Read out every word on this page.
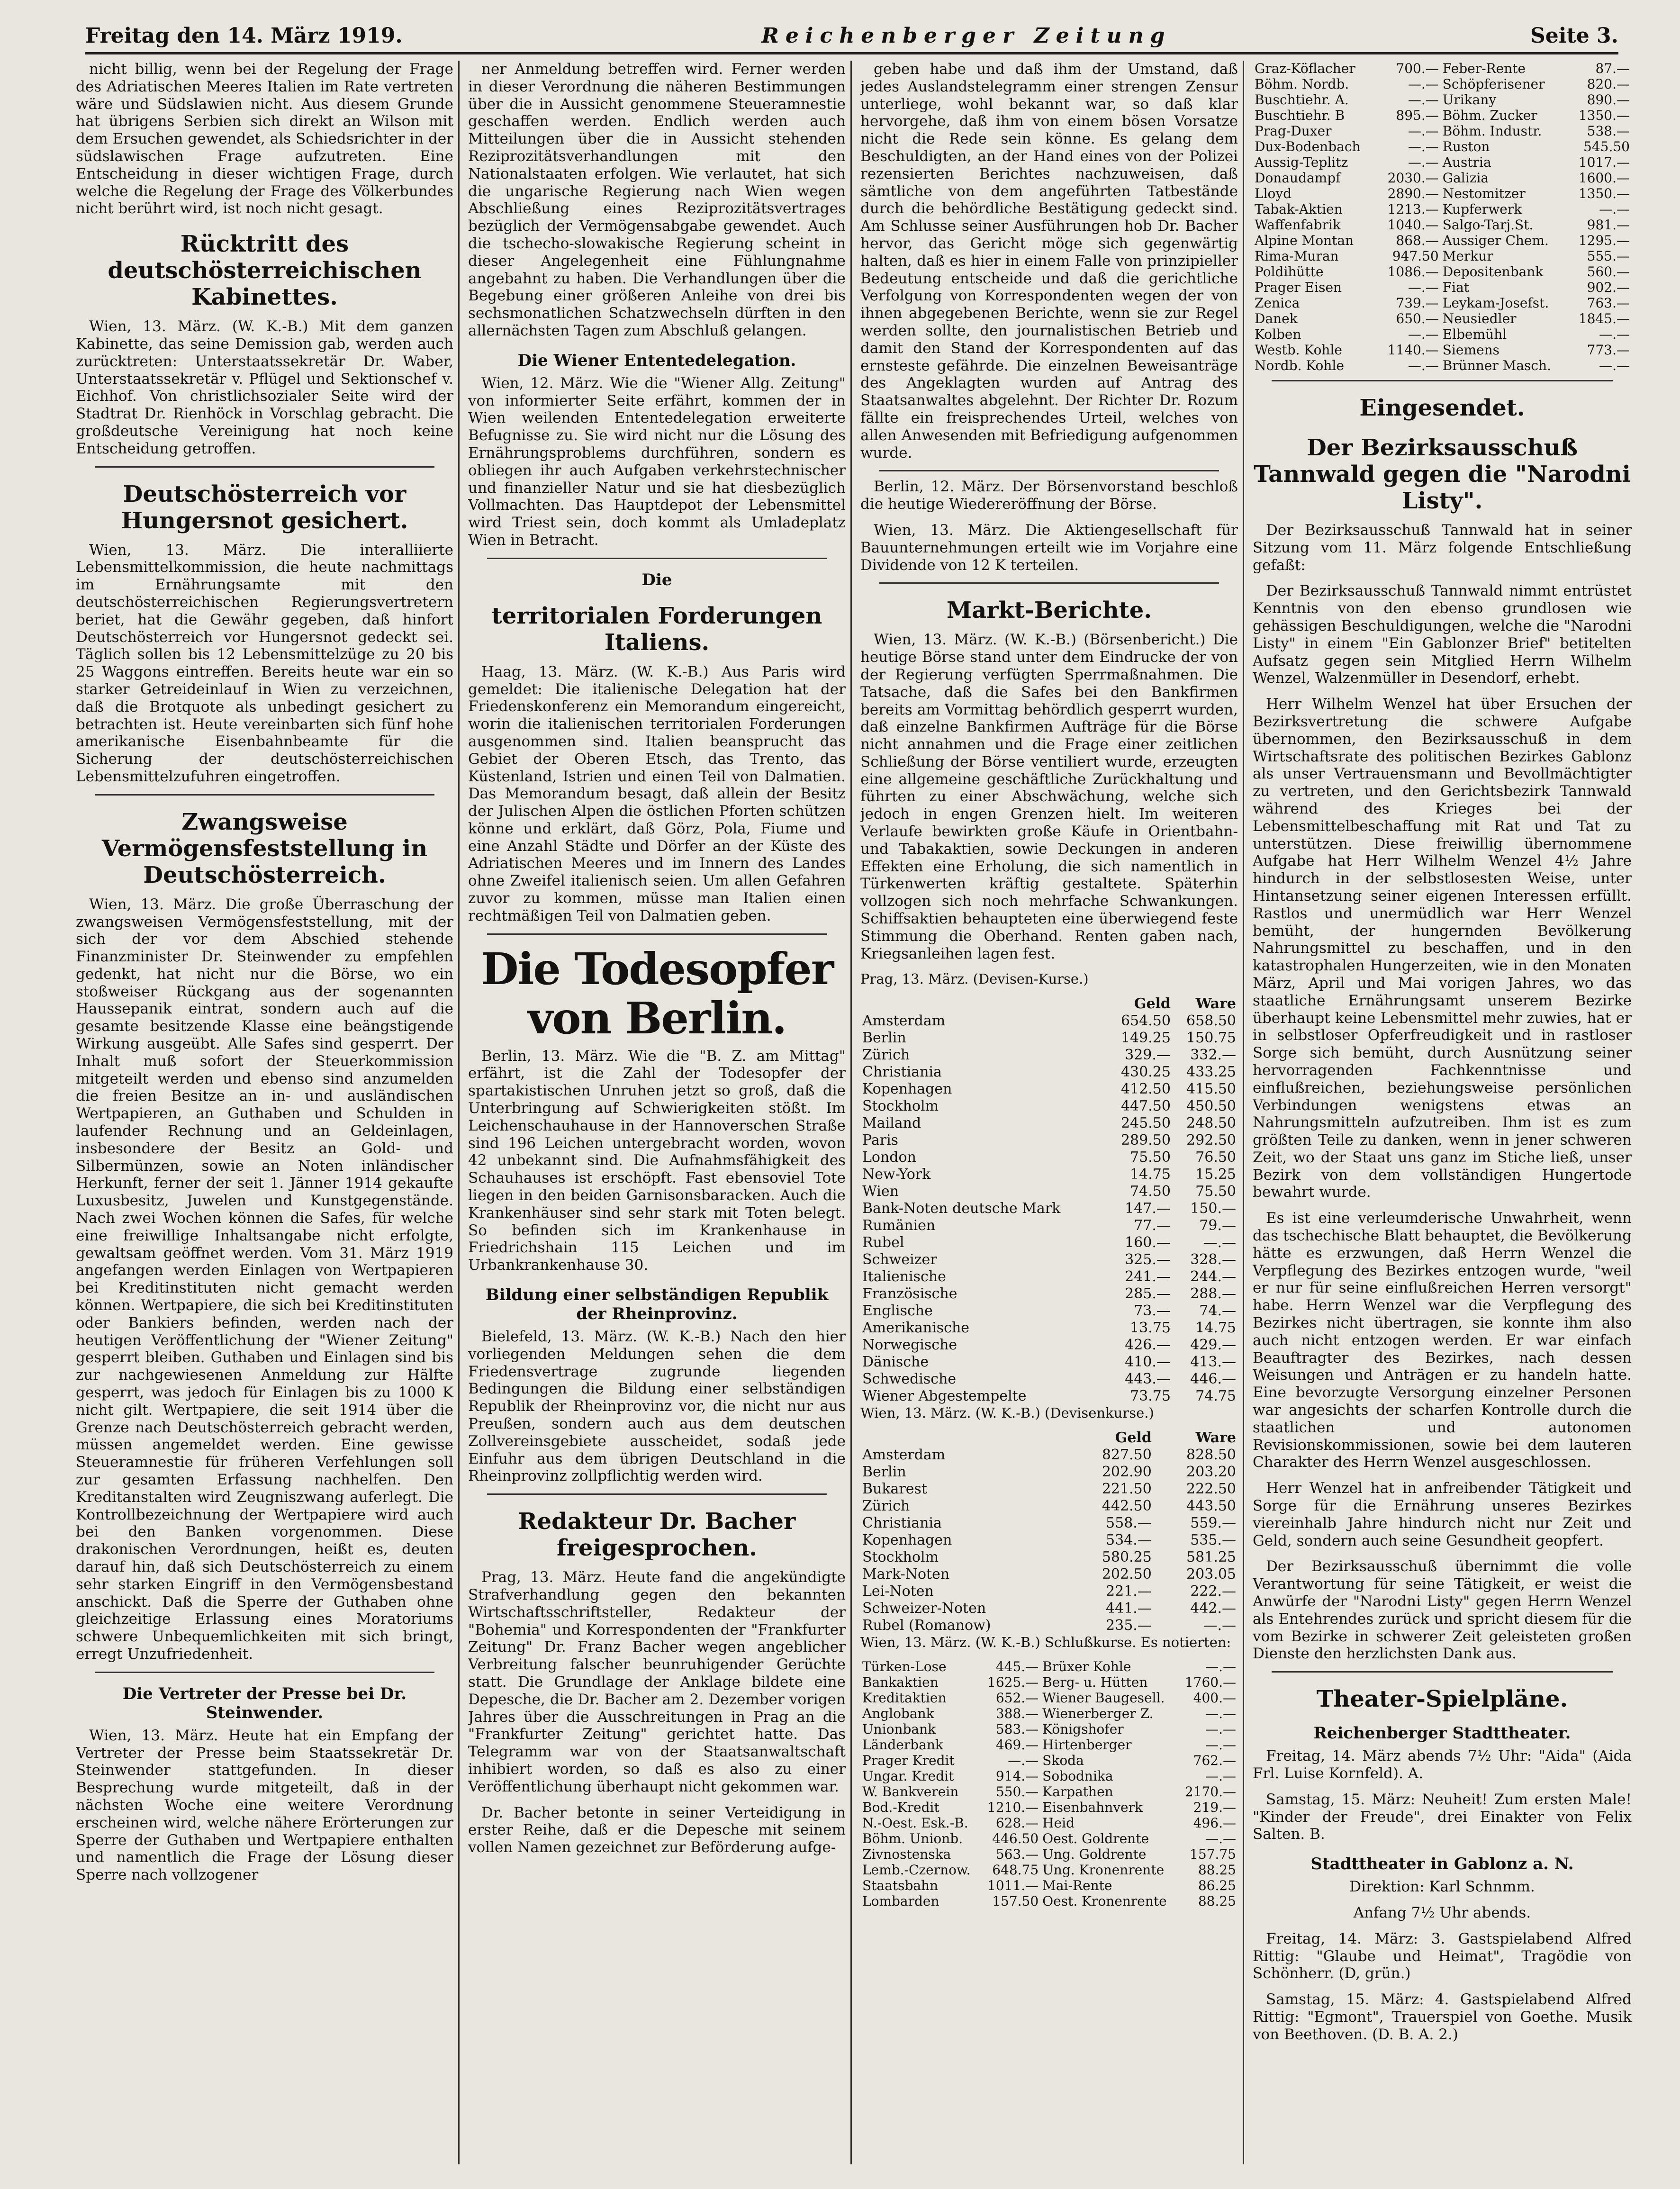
Freitag den 14. März 1919.	Reichenberger Zeitung	Seite 3.

nicht billig, wenn bei der Regelung der Frage des Adriatischen Meeres Italien im Rate vertreten wäre und Südslawien nicht. Aus diesem Grunde hat übrigens Serbien sich direkt an Wilson mit dem Ersuchen gewendet, als Schiedsrichter in der südslawischen Frage aufzutreten. Eine Entscheidung in dieser wichtigen Frage, durch welche die Regelung der Frage des Völkerbundes nicht berührt wird, ist noch nicht gesagt.

Rücktritt des deutschösterreichischen Kabinettes.

Wien, 13. März. (W. K.-B.) Mit dem ganzen Kabinette, das seine Demission gab, werden auch zurücktreten: Unterstaatssekretär Dr. Waber, Unterstaatssekretär v. Pflügel und Sektionschef v. Eichhof. Von christlichsozialer Seite wird der Stadtrat Dr. Rienhöck in Vorschlag gebracht. Die großdeutsche Vereinigung hat noch keine Entscheidung getroffen.

Deutschösterreich vor Hungersnot gesichert.

Wien, 13. März. Die interalliierte Lebensmittelkommission, die heute nachmittags im Ernährungsamte mit den deutschösterreichischen Regierungsvertretern beriet, hat die Gewähr gegeben, daß hinfort Deutschösterreich vor Hungersnot gedeckt sei. Täglich sollen bis 12 Lebensmittelzüge zu 20 bis 25 Waggons eintreffen. Bereits heute war ein so starker Getreideinlauf in Wien zu verzeichnen, daß die Brotquote als unbedingt gesichert zu betrachten ist. Heute vereinbarten sich fünf hohe amerikanische Eisenbahnbeamte für die Sicherung der deutschösterreichischen Lebensmittelzufuhren eingetroffen.

Zwangsweise Vermögensfeststellung in Deutschösterreich.

Wien, 13. März. Die große Überraschung der zwangsweisen Vermögensfeststellung, mit der sich der vor dem Abschied stehende Finanzminister Dr. Steinwender zu empfehlen gedenkt, hat nicht nur die Börse, wo ein stoßweiser Rückgang aus der sogenannten Haussepanik eintrat, sondern auch auf die gesamte besitzende Klasse eine beängstigende Wirkung ausgeübt. Alle Safes sind gesperrt. Der Inhalt muß sofort der Steuerkommission mitgeteilt werden und ebenso sind anzumelden die freien Besitze an in- und ausländischen Wertpapieren, an Guthaben und Schulden in laufender Rechnung und an Geldeinlagen, insbesondere der Besitz an Gold- und Silbermünzen, sowie an Noten inländischer Herkunft, ferner der seit 1. Jänner 1914 gekaufte Luxusbesitz, Juwelen und Kunstgegenstände. Nach zwei Wochen können die Safes, für welche eine freiwillige Inhaltsangabe nicht erfolgte, gewaltsam geöffnet werden. Vom 31. März 1919 angefangen werden Einlagen von Wertpapieren bei Kreditinstituten nicht gemacht werden können. Wertpapiere, die sich bei Kreditinstituten oder Bankiers befinden, werden nach der heutigen Veröffentlichung der "Wiener Zeitung" gesperrt bleiben. Guthaben und Einlagen sind bis zur nachgewiesenen Anmeldung zur Hälfte gesperrt, was jedoch für Einlagen bis zu 1000 K nicht gilt. Wertpapiere, die seit 1914 über die Grenze nach Deutschösterreich gebracht werden, müssen angemeldet werden. Eine gewisse Steueramnestie für früheren Verfehlungen soll zur gesamten Erfassung nachhelfen. Den Kreditanstalten wird Zeugniszwang auferlegt. Die Kontrollbezeichnung der Wertpapiere wird auch bei den Banken vorgenommen. Diese drakonischen Verordnungen, heißt es, deuten darauf hin, daß sich Deutschösterreich zu einem sehr starken Eingriff in den Vermögensbestand anschickt. Daß die Sperre der Guthaben ohne gleichzeitige Erlassung eines Moratoriums schwere Unbequemlichkeiten mit sich bringt, erregt Unzufriedenheit.

Die Vertreter der Presse bei Dr. Steinwender.

Wien, 13. März. Heute hat ein Empfang der Vertreter der Presse beim Staatssekretär Dr. Steinwender stattgefunden. In dieser Besprechung wurde mitgeteilt, daß in der nächsten Woche eine weitere Verordnung erscheinen wird, welche nähere Erörterungen zur Sperre der Guthaben und Wertpapiere enthalten und namentlich die Frage der Lösung dieser Sperre nach vollzogener

ner Anmeldung betreffen wird. Ferner werden in dieser Verordnung die näheren Bestimmungen über die in Aussicht genommene Steueramnestie geschaffen werden. Endlich werden auch Mitteilungen über die in Aussicht stehenden Reziprozitätsverhandlungen mit den Nationalstaaten erfolgen. Wie verlautet, hat sich die ungarische Regierung nach Wien wegen Abschließung eines Reziprozitätsvertrages bezüglich der Vermögensabgabe gewendet. Auch die tschecho-slowakische Regierung scheint in dieser Angelegenheit eine Fühlungnahme angebahnt zu haben. Die Verhandlungen über die Begebung einer größeren Anleihe von drei bis sechsmonatlichen Schatzwechseln dürften in den allernächsten Tagen zum Abschluß gelangen.

Die Wiener Ententedelegation.

Wien, 12. März. Wie die "Wiener Allg. Zeitung" von informierter Seite erfährt, kommen der in Wien weilenden Ententedelegation erweiterte Befugnisse zu. Sie wird nicht nur die Lösung des Ernährungsproblems durchführen, sondern es obliegen ihr auch Aufgaben verkehrstechnischer und finanzieller Natur und sie hat diesbezüglich Vollmachten. Das Hauptdepot der Lebensmittel wird Triest sein, doch kommt als Umladeplatz Wien in Betracht.

Die
territorialen Forderungen Italiens.

Haag, 13. März. (W. K.-B.) Aus Paris wird gemeldet: Die italienische Delegation hat der Friedenskonferenz ein Memorandum eingereicht, worin die italienischen territorialen Forderungen ausgenommen sind. Italien beansprucht das Gebiet der Oberen Etsch, das Trento, das Küstenland, Istrien und einen Teil von Dalmatien. Das Memorandum besagt, daß allein der Besitz der Julischen Alpen die östlichen Pforten schützen könne und erklärt, daß Görz, Pola, Fiume und eine Anzahl Städte und Dörfer an der Küste des Adriatischen Meeres und im Innern des Landes ohne Zweifel italienisch seien. Um allen Gefahren zuvor zu kommen, müsse man Italien einen rechtmäßigen Teil von Dalmatien geben.

Die Todesopfer von Berlin.

Berlin, 13. März. Wie die "B. Z. am Mittag" erfährt, ist die Zahl der Todesopfer der spartakistischen Unruhen jetzt so groß, daß die Unterbringung auf Schwierigkeiten stößt. Im Leichenschauhause in der Hannoverschen Straße sind 196 Leichen untergebracht worden, wovon 42 unbekannt sind. Die Aufnahmsfähigkeit des Schauhauses ist erschöpft. Fast ebensoviel Tote liegen in den beiden Garnisonsbaracken. Auch die Krankenhäuser sind sehr stark mit Toten belegt. So befinden sich im Krankenhause in Friedrichshain 115 Leichen und im Urbankrankenhause 30.

Bildung einer selbständigen Republik der Rheinprovinz.

Bielefeld, 13. März. (W. K.-B.) Nach den hier vorliegenden Meldungen sehen die dem Friedensvertrage zugrunde liegenden Bedingungen die Bildung einer selbständigen Republik der Rheinprovinz vor, die nicht nur aus Preußen, sondern auch aus dem deutschen Zollvereinsgebiete ausscheidet, sodaß jede Einfuhr aus dem übrigen Deutschland in die Rheinprovinz zollpflichtig werden wird.

Redakteur Dr. Bacher freigesprochen.

Prag, 13. März. Heute fand die angekündigte Strafverhandlung gegen den bekannten Wirtschaftsschriftsteller, Redakteur der "Bohemia" und Korrespondenten der "Frankfurter Zeitung" Dr. Franz Bacher wegen angeblicher Verbreitung falscher beunruhigender Gerüchte statt. Die Grundlage der Anklage bildete eine Depesche, die Dr. Bacher am 2. Dezember vorigen Jahres über die Ausschreitungen in Prag an die "Frankfurter Zeitung" gerichtet hatte. Das Telegramm war von der Staatsanwaltschaft inhibiert worden, so daß es also zu einer Veröffentlichung überhaupt nicht gekommen war.

Dr. Bacher betonte in seiner Verteidigung in erster Reihe, daß er die Depesche mit seinem vollen Namen gezeichnet zur Beförderung aufge-

geben habe und daß ihm der Umstand, daß jedes Auslandstelegramm einer strengen Zensur unterliege, wohl bekannt war, so daß klar hervorgehe, daß ihm von einem bösen Vorsatze nicht die Rede sein könne. Es gelang dem Beschuldigten, an der Hand eines von der Polizei rezensierten Berichtes nachzuweisen, daß sämtliche von dem angeführten Tatbestände durch die behördliche Bestätigung gedeckt sind. Am Schlusse seiner Ausführungen hob Dr. Bacher hervor, das Gericht möge sich gegenwärtig halten, daß es hier in einem Falle von prinzipieller Bedeutung entscheide und daß die gerichtliche Verfolgung von Korrespondenten wegen der von ihnen abgegebenen Berichte, wenn sie zur Regel werden sollte, den journalistischen Betrieb und damit den Stand der Korrespondenten auf das ernsteste gefährde. Die einzelnen Beweisanträge des Angeklagten wurden auf Antrag des Staatsanwaltes abgelehnt. Der Richter Dr. Rozum fällte ein freisprechendes Urteil, welches von allen Anwesenden mit Befriedigung aufgenommen wurde.

Berlin, 12. März. Der Börsenvorstand beschloß die heutige Wiedereröffnung der Börse.

Wien, 13. März. Die Aktiengesellschaft für Bauunternehmungen erteilt wie im Vorjahre eine Dividende von 12 K terteilen.

Markt-Berichte.

Wien, 13. März. (W. K.-B.) (Börsenbericht.) Die heutige Börse stand unter dem Eindrucke der von der Regierung verfügten Sperrmaßnahmen. Die Tatsache, daß die Safes bei den Bankfirmen bereits am Vormittag behördlich gesperrt wurden, daß einzelne Bankfirmen Aufträge für die Börse nicht annahmen und die Frage einer zeitlichen Schließung der Börse ventiliert wurde, erzeugten eine allgemeine geschäftliche Zurückhaltung und führten zu einer Abschwächung, welche sich jedoch in engen Grenzen hielt. Im weiteren Verlaufe bewirkten große Käufe in Orientbahn- und Tabakaktien, sowie Deckungen in anderen Effekten eine Erholung, die sich namentlich in Türkenwerten kräftig gestaltete. Späterhin vollzogen sich noch mehrfache Schwankungen. Schiffsaktien behaupteten eine überwiegend feste Stimmung die Oberhand. Renten gaben nach, Kriegsanleihen lagen fest.

Prag, 13. März. (Devisen-Kurse.)

	Geld	Ware
Amsterdam	654.50	658.50
Berlin	149.25	150.75
Zürich	329.—	332.—
Christiania	430.25	433.25
Kopenhagen	412.50	415.50
Stockholm	447.50	450.50
Mailand	245.50	248.50
Paris	289.50	292.50
London	75.50	76.50
New-York	14.75	15.25
Wien	74.50	75.50
Bank-Noten deutsche Mark	147.—	150.—
Rumänien	77.—	79.—
Rubel	160.—	—.—
Schweizer	325.—	328.—
Italienische	241.—	244.—
Französische	285.—	288.—
Englische	73.—	74.—
Amerikanische	13.75	14.75
Norwegische	426.—	429.—
Dänische	410.—	413.—
Schwedische	443.—	446.—
Wiener Abgestempelte	73.75	74.75

Wien, 13. März. (W. K.-B.) (Devisenkurse.)

	Geld	Ware
Amsterdam	827.50	828.50
Berlin	202.90	203.20
Bukarest	221.50	222.50
Zürich	442.50	443.50
Christiania	558.—	559.—
Kopenhagen	534.—	535.—
Stockholm	580.25	581.25
Mark-Noten	202.50	203.05
Lei-Noten	221.—	222.—
Schweizer-Noten	441.—	442.—
Rubel (Romanow)	235.—	—.—

Wien, 13. März. (W. K.-B.) Schlußkurse. Es notierten:

Türken-Lose	445.—	Brüxer Kohle	—.—
Bankaktien	1625.—	Berg- u. Hütten	1760.—
Kreditaktien	652.—	Wiener Baugesell.	400.—
Anglobank	388.—	Wienerberger Z.	—.—
Unionbank	583.—	Königshofer	—.—
Länderbank	469.—	Hirtenberger	—.—
Prager Kredit	—.—	Skoda	762.—
Ungar. Kredit	914.—	Sobodnika	—.—
W. Bankverein	550.—	Karpathen	2170.—
Bod.-Kredit	1210.—	Eisenbahnverk	219.—
N.-Oest. Esk.-B.	628.—	Heid	496.—
Böhm. Unionb.	446.50	Oest. Goldrente	—.—
Zivnostenska	563.—	Ung. Goldrente	157.75
Lemb.-Czernow.	648.75	Ung. Kronenrente	88.25
Staatsbahn	1011.—	Mai-Rente	86.25
Lombarden	157.50	Oest. Kronenrente	88.25
Graz-Köflacher	700.—	Feber-Rente	87.—
Böhm. Nordb.	—.—	Schöpferisener	820.—
Buschtiehr. A.	—.—	Urikany	890.—
Buschtiehr. B	895.—	Böhm. Zucker	1350.—
Prag-Duxer	—.—	Böhm. Industr.	538.—
Dux-Bodenbach	—.—	Ruston	545.50
Aussig-Teplitz	—.—	Austria	1017.—
Donaudampf	2030.—	Galizia	1600.—
Lloyd	2890.—	Nestomitzer	1350.—
Tabak-Aktien	1213.—	Kupferwerk	—.—
Waffenfabrik	1040.—	Salgo-Tarj.St.	981.—
Alpine Montan	868.—	Aussiger Chem.	1295.—
Rima-Muran	947.50	Merkur	555.—
Poldihütte	1086.—	Depositenbank	560.—
Prager Eisen	—.—	Fiat	902.—
Zenica	739.—	Leykam-Josefst.	763.—
Danek	650.—	Neusiedler	1845.—
Kolben	—.—	Elbemühl	—.—
Westb. Kohle	1140.—	Siemens	773.—
Nordb. Kohle	—.—	Brünner Masch.	—.—
Eingesendet.
Der Bezirksausschuß Tannwald gegen die "Narodni Listy".

Der Bezirksausschuß Tannwald hat in seiner Sitzung vom 11. März folgende Entschließung gefaßt:

Der Bezirksausschuß Tannwald nimmt entrüstet Kenntnis von den ebenso grundlosen wie gehässigen Beschuldigungen, welche die "Narodni Listy" in einem "Ein Gablonzer Brief" betitelten Aufsatz gegen sein Mitglied Herrn Wilhelm Wenzel, Walzenmüller in Desendorf, erhebt.

Herr Wilhelm Wenzel hat über Ersuchen der Bezirksvertretung die schwere Aufgabe übernommen, den Bezirksausschuß in dem Wirtschaftsrate des politischen Bezirkes Gablonz als unser Vertrauensmann und Bevollmächtigter zu vertreten, und den Gerichtsbezirk Tannwald während des Krieges bei der Lebensmittelbeschaffung mit Rat und Tat zu unterstützen. Diese freiwillig übernommene Aufgabe hat Herr Wilhelm Wenzel 4½ Jahre hindurch in der selbstlosesten Weise, unter Hintansetzung seiner eigenen Interessen erfüllt. Rastlos und unermüdlich war Herr Wenzel bemüht, der hungernden Bevölkerung Nahrungsmittel zu beschaffen, und in den katastrophalen Hungerzeiten, wie in den Monaten März, April und Mai vorigen Jahres, wo das staatliche Ernährungsamt unserem Bezirke überhaupt keine Lebensmittel mehr zuwies, hat er in selbstloser Opferfreudigkeit und in rastloser Sorge sich bemüht, durch Ausnützung seiner hervorragenden Fachkenntnisse und einflußreichen, beziehungsweise persönlichen Verbindungen wenigstens etwas an Nahrungsmitteln aufzutreiben. Ihm ist es zum größten Teile zu danken, wenn in jener schweren Zeit, wo der Staat uns ganz im Stiche ließ, unser Bezirk von dem vollständigen Hungertode bewahrt wurde.

Es ist eine verleumderische Unwahrheit, wenn das tschechische Blatt behauptet, die Bevölkerung hätte es erzwungen, daß Herrn Wenzel die Verpflegung des Bezirkes entzogen wurde, "weil er nur für seine einflußreichen Herren versorgt" habe. Herrn Wenzel war die Verpflegung des Bezirkes nicht übertragen, sie konnte ihm also auch nicht entzogen werden. Er war einfach Beauftragter des Bezirkes, nach dessen Weisungen und Anträgen er zu handeln hatte. Eine bevorzugte Versorgung einzelner Personen war angesichts der scharfen Kontrolle durch die staatlichen und autonomen Revisionskommissionen, sowie bei dem lauteren Charakter des Herrn Wenzel ausgeschlossen.

Herr Wenzel hat in anfreibender Tätigkeit und Sorge für die Ernährung unseres Bezirkes viereinhalb Jahre hindurch nicht nur Zeit und Geld, sondern auch seine Gesundheit geopfert.

Der Bezirksausschuß übernimmt die volle Verantwortung für seine Tätigkeit, er weist die Anwürfe der "Narodni Listy" gegen Herrn Wenzel als Entehrendes zurück und spricht diesem für die vom Bezirke in schwerer Zeit geleisteten großen Dienste den herzlichsten Dank aus.

Theater-Spielpläne.
Reichenberger Stadttheater.

Freitag, 14. März abends 7½ Uhr: "Aida" (Aida Frl. Luise Kornfeld). A.

Samstag, 15. März: Neuheit! Zum ersten Male! "Kinder der Freude", drei Einakter von Felix Salten. B.

Stadttheater in Gablonz a. N.

Direktion: Karl Schnmm.

Anfang 7½ Uhr abends.

Freitag, 14. März: 3. Gastspielabend Alfred Rittig: "Glaube und Heimat", Tragödie von Schönherr. (D, grün.)

Samstag, 15. März: 4. Gastspielabend Alfred Rittig: "Egmont", Trauerspiel von Goethe. Musik von Beethoven. (D. B. A. 2.)
